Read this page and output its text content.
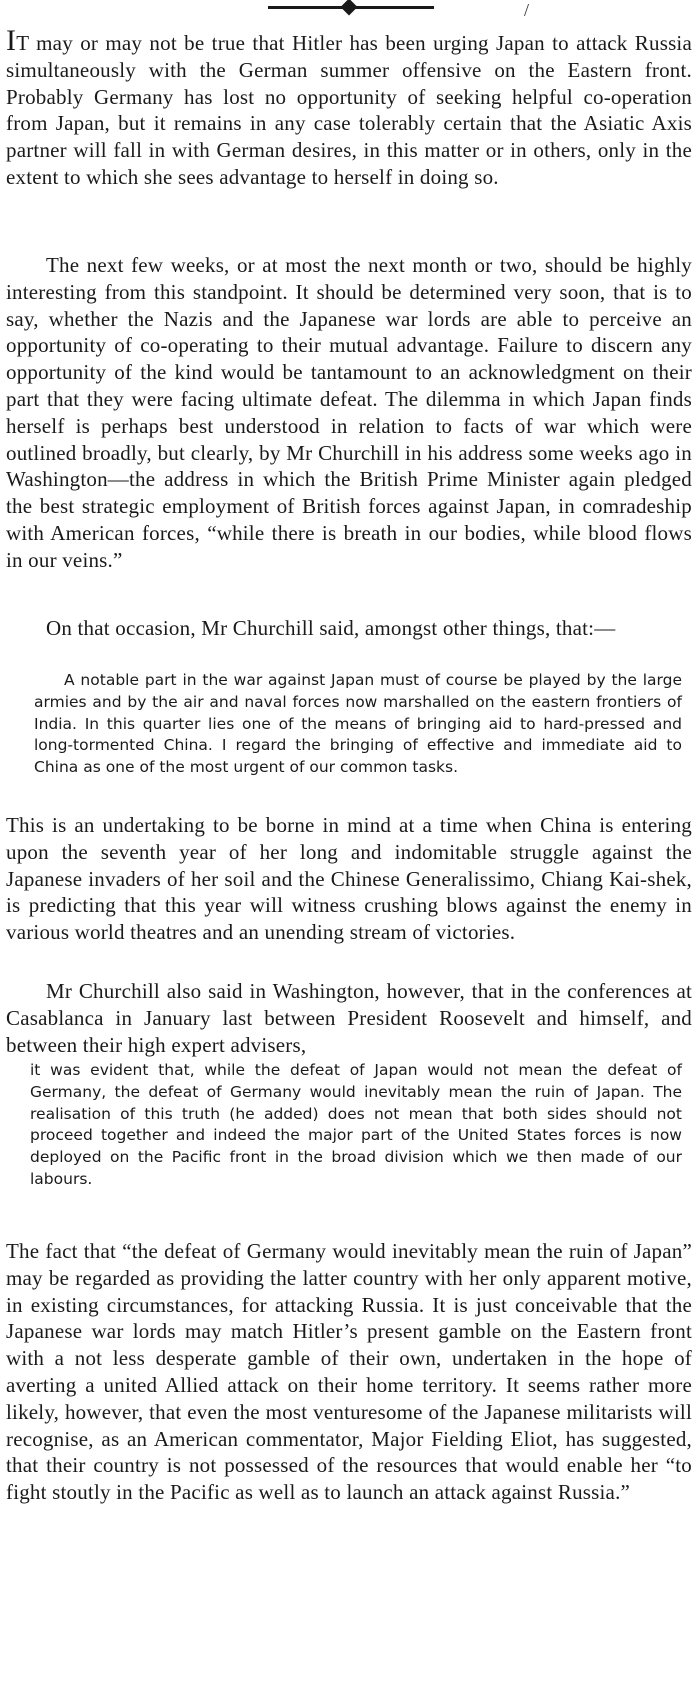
/

IT may or may not be true that Hitler has been urging Japan to attack Russia simultaneously with the German summer offensive on the Eastern front. Probably Germany has lost no opportunity of seeking helpful co-operation from Japan, but it remains in any case tolerably certain that the Asiatic Axis partner will fall in with German desires, in this matter or in others, only in the extent to which she sees advantage to herself in doing so.

The next few weeks, or at most the next month or two, should be highly interesting from this standpoint. It should be determined very soon, that is to say, whether the Nazis and the Japanese war lords are able to perceive an opportunity of co-operating to their mutual advantage. Failure to discern any opportunity of the kind would be tantamount to an acknowledgment on their part that they were facing ultimate defeat. The dilemma in which Japan finds herself is perhaps best understood in relation to facts of war which were outlined broadly, but clearly, by Mr Churchill in his address some weeks ago in Washington—the address in which the British Prime Minister again pledged the best strategic employment of British forces against Japan, in comradeship with American forces, “while there is breath in our bodies, while blood flows in our veins.”

On that occasion, Mr Churchill said, amongst other things, that:—

A notable part in the war against Japan must of course be played by the large armies and by the air and naval forces now marshalled on the eastern frontiers of India. In this quarter lies one of the means of bringing aid to hard-pressed and long-tormented China. I regard the bringing of effective and immediate aid to China as one of the most urgent of our common tasks.

This is an undertaking to be borne in mind at a time when China is entering upon the seventh year of her long and indomitable struggle against the Japanese invaders of her soil and the Chinese Generalissimo, Chiang Kai-shek, is predicting that this year will witness crushing blows against the enemy in various world theatres and an unending stream of victories.

Mr Churchill also said in Washington, however, that in the conferences at Casablanca in January last between President Roosevelt and himself, and between their high expert advisers,

it was evident that, while the defeat of Japan would not mean the defeat of Germany, the defeat of Germany would inevitably mean the ruin of Japan. The realisation of this truth (he added) does not mean that both sides should not proceed together and indeed the major part of the United States forces is now deployed on the Pacific front in the broad division which we then made of our labours.

The fact that “the defeat of Germany would inevitably mean the ruin of Japan” may be regarded as providing the latter country with her only apparent motive, in existing circumstances, for attacking Russia. It is just conceivable that the Japanese war lords may match Hitler’s present gamble on the Eastern front with a not less desperate gamble of their own, undertaken in the hope of averting a united Allied attack on their home territory. It seems rather more likely, however, that even the most venturesome of the Japanese militarists will recognise, as an American commentator, Major Fielding Eliot, has suggested, that their country is not possessed of the resources that would enable her “to fight stoutly in the Pacific as well as to launch an attack against Russia.”
